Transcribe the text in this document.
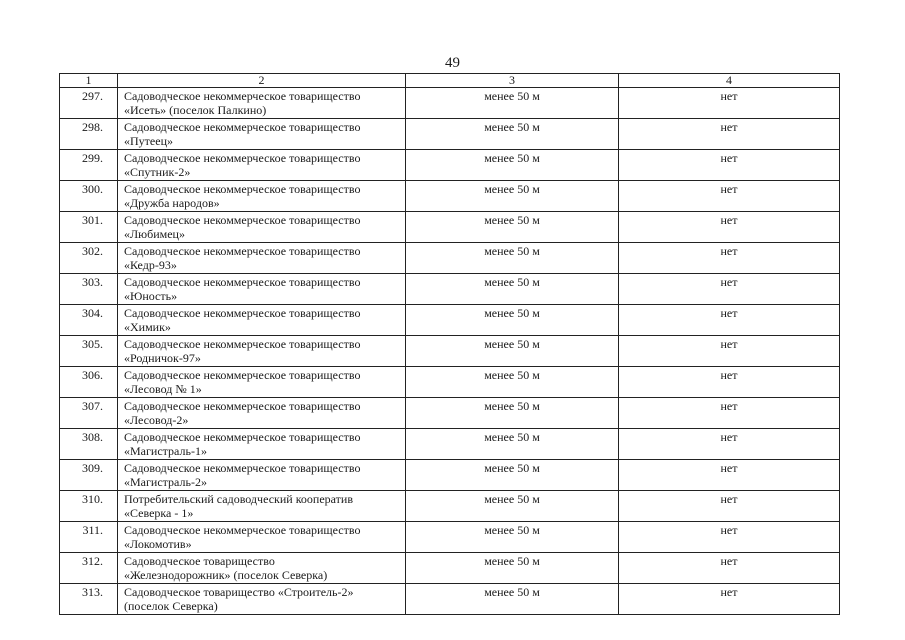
49
1	2	3	4
297.	Садоводческое некоммерческое товарищество
«Исеть» (поселок Палкино)	менее 50 м	нет
298.	Садоводческое некоммерческое товарищество
«Путеец»	менее 50 м	нет
299.	Садоводческое некоммерческое товарищество
«Спутник-2»	менее 50 м	нет
300.	Садоводческое некоммерческое товарищество
«Дружба народов»	менее 50 м	нет
301.	Садоводческое некоммерческое товарищество
«Любимец»	менее 50 м	нет
302.	Садоводческое некоммерческое товарищество
«Кедр-93»	менее 50 м	нет
303.	Садоводческое некоммерческое товарищество
«Юность»	менее 50 м	нет
304.	Садоводческое некоммерческое товарищество
«Химик»	менее 50 м	нет
305.	Садоводческое некоммерческое товарищество
«Родничок-97»	менее 50 м	нет
306.	Садоводческое некоммерческое товарищество
«Лесовод № 1»	менее 50 м	нет
307.	Садоводческое некоммерческое товарищество
«Лесовод-2»	менее 50 м	нет
308.	Садоводческое некоммерческое товарищество
«Магистраль-1»	менее 50 м	нет
309.	Садоводческое некоммерческое товарищество
«Магистраль-2»	менее 50 м	нет
310.	Потребительский садоводческий кооператив
«Северка - 1»	менее 50 м	нет
311.	Садоводческое некоммерческое товарищество
«Локомотив»	менее 50 м	нет
312.	Садоводческое товарищество
«Железнодорожник» (поселок Северка)	менее 50 м	нет
313.	Садоводческое товарищество «Строитель-2»
(поселок Северка)	менее 50 м	нет
